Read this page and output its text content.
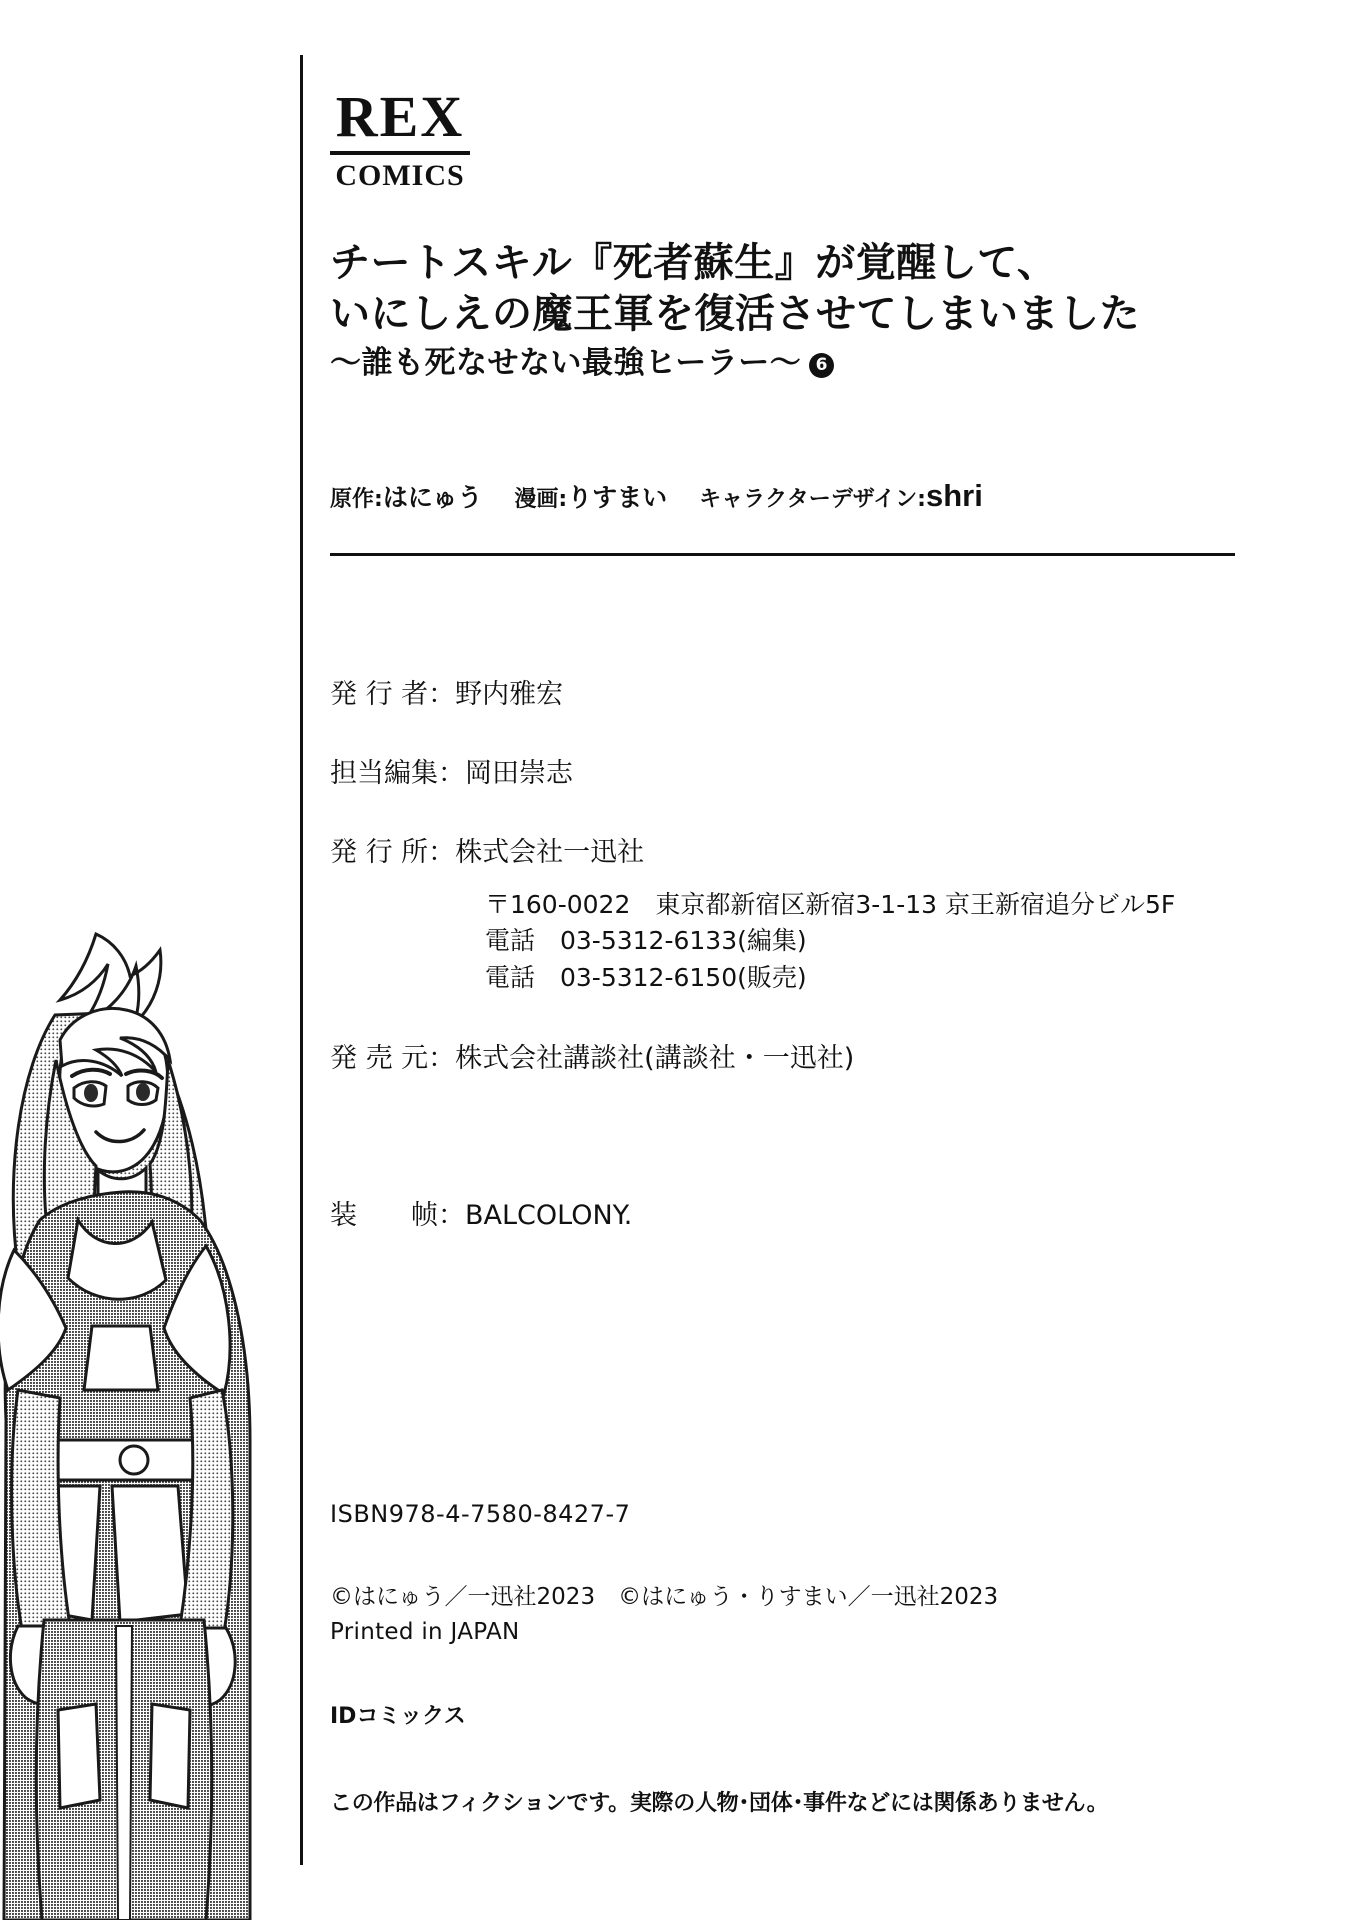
REX
COMICS
チートスキル『死者蘇生』が覚醒して、
いにしえの魔王軍を復活させてしまいました
〜誰も死なせない最強ヒーラー〜 6
原作:はにゅう 漫画:りすまい キャラクターデザイン:shri
発 行 者：野内雅宏
担当編集：岡田崇志
発 行 所：株式会社一迅社
〒160-0022　東京都新宿区新宿3-1-13 京王新宿追分ビル5F
電話　03-5312-6133(編集)
電話　03-5312-6150(販売)
発 売 元：株式会社講談社(講談社・一迅社)
装　　帧：BALCOLONY.
ISBN978-4-7580-8427-7
©はにゅう／一迅社2023　©はにゅう・りすまい／一迅社2023
Printed in JAPAN
IDコミックス
この作品はフィクションです。実際の人物･団体･事件などには関係ありません。
